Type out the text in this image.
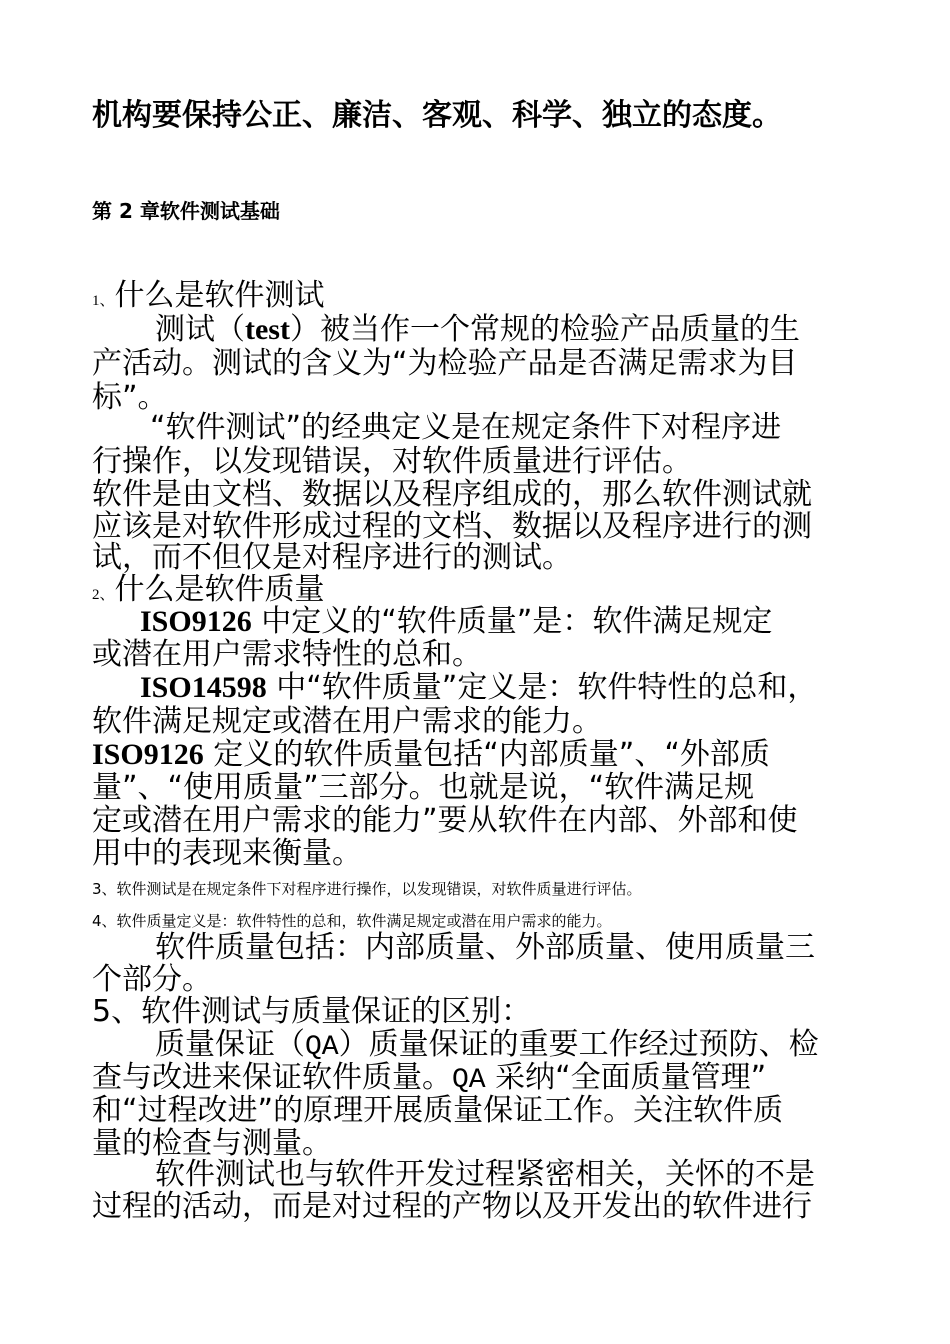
机构要保持公正、廉洁、客观、科学、独立的态度。
第 2 章软件测试基础
1、什么是软件测试
测试（test）被当作一个常规的检验产品质量的生
产活动。测试的含义为“为检验产品是否满足需求为目
标”。
“软件测试”的经典定义是在规定条件下对程序进
行操作，以发现错误，对软件质量进行评估。
软件是由文档、数据以及程序组成的，那么软件测试就
应该是对软件形成过程的文档、数据以及程序进行的测
试，而不但仅是对程序进行的测试。
2、什么是软件质量
ISO9126 中定义的“软件质量”是：软件满足规定
或潜在用户需求特性的总和。
ISO14598 中“软件质量”定义是：软件特性的总和，
软件满足规定或潜在用户需求的能力。
ISO9126 定义的软件质量包括“内部质量”、“外部质
量”、“使用质量”三部分。也就是说，“软件满足规
定或潜在用户需求的能力”要从软件在内部、外部和使
用中的表现来衡量。
3、软件测试是在规定条件下对程序进行操作，以发现错误，对软件质量进行评估。
4、软件质量定义是：软件特性的总和，软件满足规定或潜在用户需求的能力。
软件质量包括：内部质量、外部质量、使用质量三
个部分。
5、软件测试与质量保证的区别：
质量保证（QA）质量保证的重要工作经过预防、检
查与改进来保证软件质量。QA 采纳“全面质量管理”
和“过程改进”的原理开展质量保证工作。关注软件质
量的检查与测量。
软件测试也与软件开发过程紧密相关，关怀的不是
过程的活动，而是对过程的产物以及开发出的软件进行
